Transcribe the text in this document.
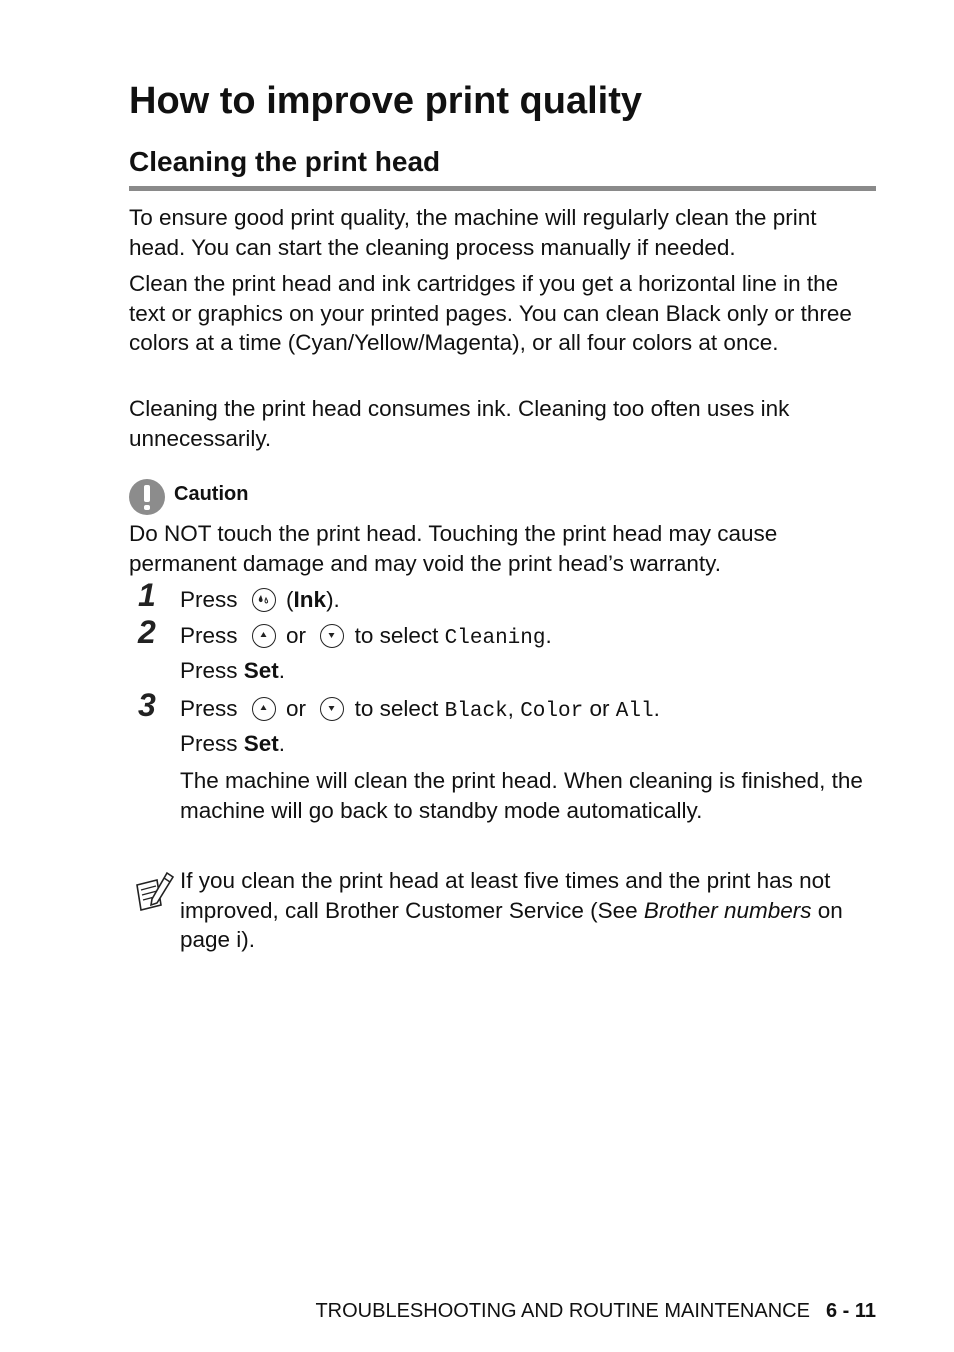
How to improve print quality
Cleaning the print head

To ensure good print quality, the machine will regularly clean the print head. You can start the cleaning process manually if needed.

Clean the print head and ink cartridges if you get a horizontal line in the text or graphics on your printed pages. You can clean Black only or three colors at a time (Cyan/Yellow/Magenta), or all four colors at once.

Cleaning the print head consumes ink. Cleaning too often uses ink unnecessarily.

Caution

Do NOT touch the print head. Touching the print head may cause permanent damage and may void the print head’s warranty.

1 Press (Ink).

2 Press or to select Cleaning.

Press Set.

3 Press or to select Black, Color or All.

Press Set.

The machine will clean the print head. When cleaning is finished, the machine will go back to standby mode automatically.

If you clean the print head at least five times and the print has not improved, call Brother Customer Service (See Brother numbers on page i).

TROUBLESHOOTING AND ROUTINE MAINTENANCE 6 - 11
